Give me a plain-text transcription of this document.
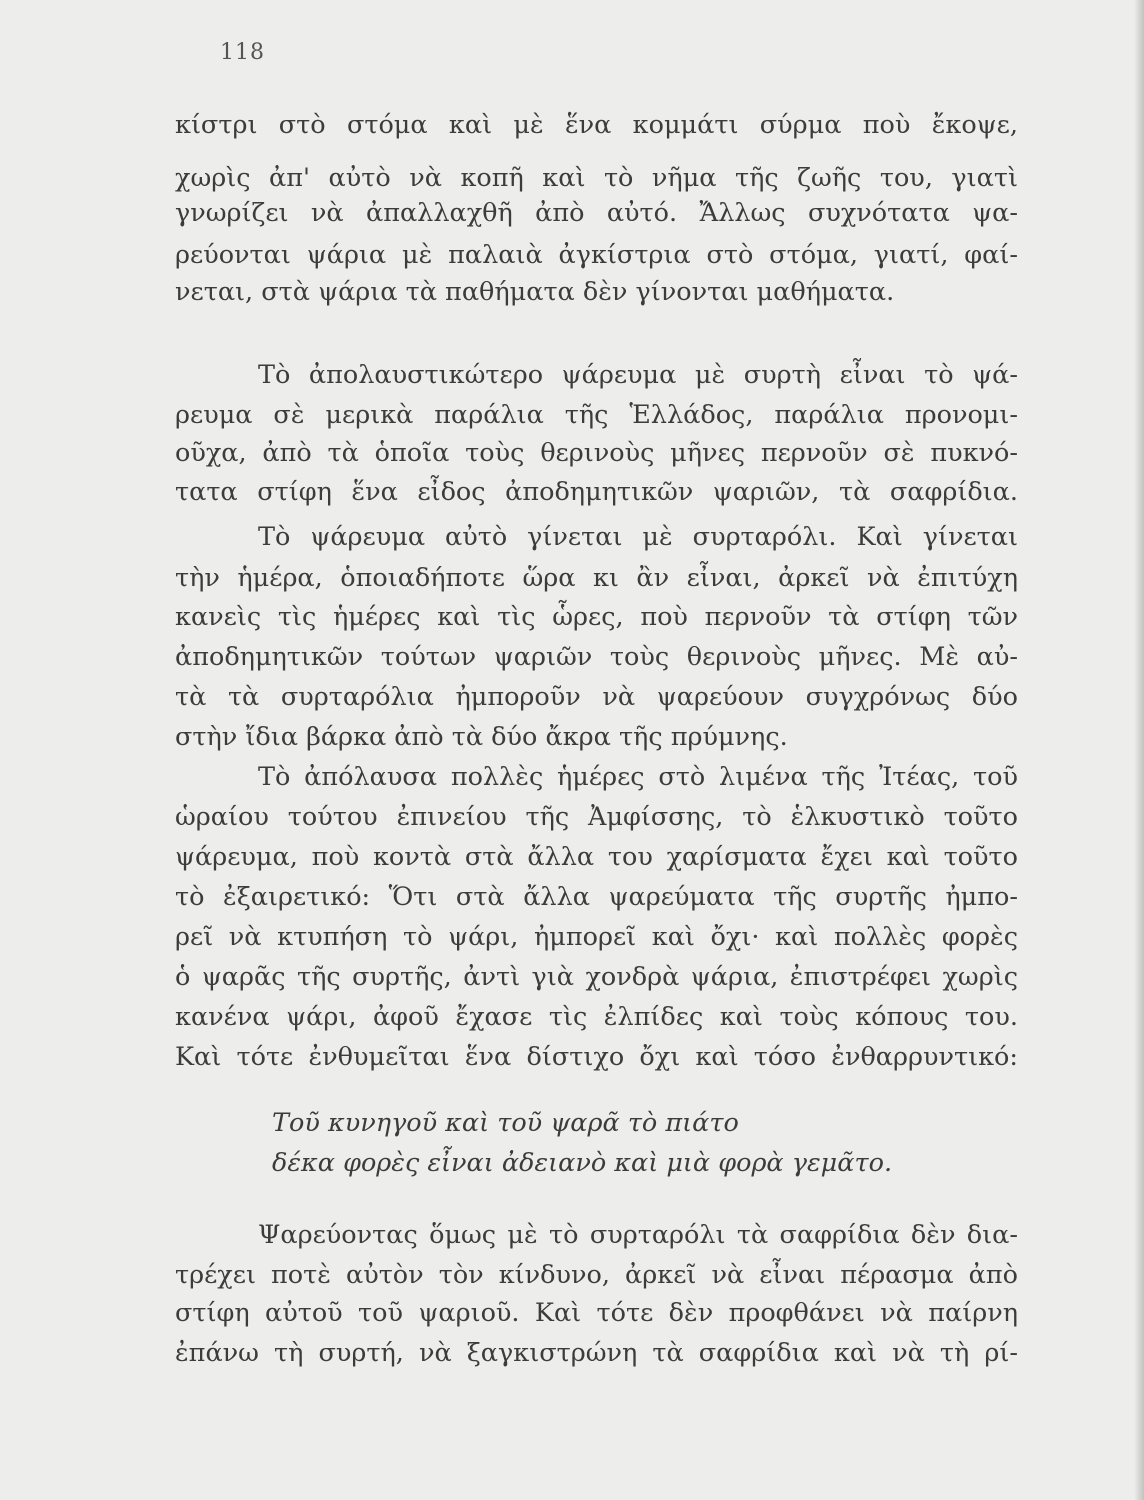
118
κίστρι στὸ στόμα καὶ μὲ ἕνα κομμάτι σύρμα ποὺ ἔκοψε,
χωρὶς ἀπ' αὐτὸ νὰ κοπῆ καὶ τὸ νῆμα τῆς ζωῆς του, γιατὶ
γνωρίζει νὰ ἀπαλλαχθῆ ἀπὸ αὐτό. Ἄλλως συχνότατα ψα-
ρεύονται ψάρια μὲ παλαιὰ ἀγκίστρια στὸ στόμα, γιατί, φαί-
νεται, στὰ ψάρια τὰ παθήματα δὲν γίνονται μαθήματα.
Τὸ ἀπολαυστικώτερο ψάρευμα μὲ συρτὴ εἶναι τὸ ψά-
ρευμα σὲ μερικὰ παράλια τῆς Ἑλλάδος, παράλια προνομι-
οῦχα, ἀπὸ τὰ ὁποῖα τοὺς θερινοὺς μῆνες περνοῦν σὲ πυκνό-
τατα στίφη ἕνα εἶδος ἀποδημητικῶν ψαριῶν, τὰ σαφρίδια.
Τὸ ψάρευμα αὐτὸ γίνεται μὲ συρταρόλι. Καὶ γίνεται
τὴν ἡμέρα, ὁποιαδήποτε ὥρα κι ἂν εἶναι, ἀρκεῖ νὰ ἐπιτύχη
κανεὶς τὶς ἡμέρες καὶ τὶς ὧρες, ποὺ περνοῦν τὰ στίφη τῶν
ἀποδημητικῶν τούτων ψαριῶν τοὺς θερινοὺς μῆνες. Μὲ αὐ-
τὰ τὰ συρταρόλια ἠμποροῦν νὰ ψαρεύουν συγχρόνως δύο
στὴν ἴδια βάρκα ἀπὸ τὰ δύο ἄκρα τῆς πρύμνης.
Τὸ ἀπόλαυσα πολλὲς ἡμέρες στὸ λιμένα τῆς Ἰτέας, τοῦ
ὡραίου τούτου ἐπινείου τῆς Ἀμφίσσης, τὸ ἑλκυστικὸ τοῦτο
ψάρευμα, ποὺ κοντὰ στὰ ἄλλα του χαρίσματα ἔχει καὶ τοῦτο
τὸ ἐξαιρετικό: Ὅτι στὰ ἄλλα ψαρεύματα τῆς συρτῆς ἠμπο-
ρεῖ νὰ κτυπήση τὸ ψάρι, ἠμπορεῖ καὶ ὄχι· καὶ πολλὲς φορὲς
ὁ ψαρᾶς τῆς συρτῆς, ἀντὶ γιὰ χονδρὰ ψάρια, ἐπιστρέφει χωρὶς
κανένα ψάρι, ἀφοῦ ἔχασε τὶς ἐλπίδες καὶ τοὺς κόπους του.
Καὶ τότε ἐνθυμεῖται ἕνα δίστιχο ὄχι καὶ τόσο ἐνθαρρυντικό:
Τοῦ κυνηγοῦ καὶ τοῦ ψαρᾶ τὸ πιάτο
δέκα φορὲς εἶναι ἀδειανὸ καὶ μιὰ φορὰ γεμᾶτο.
Ψαρεύοντας ὅμως μὲ τὸ συρταρόλι τὰ σαφρίδια δὲν δια-
τρέχει ποτὲ αὐτὸν τὸν κίνδυνο, ἀρκεῖ νὰ εἶναι πέρασμα ἀπὸ
στίφη αὐτοῦ τοῦ ψαριοῦ. Καὶ τότε δὲν προφθάνει νὰ παίρνη
ἐπάνω τὴ συρτή, νὰ ξαγκιστρώνη τὰ σαφρίδια καὶ νὰ τὴ ρί-
